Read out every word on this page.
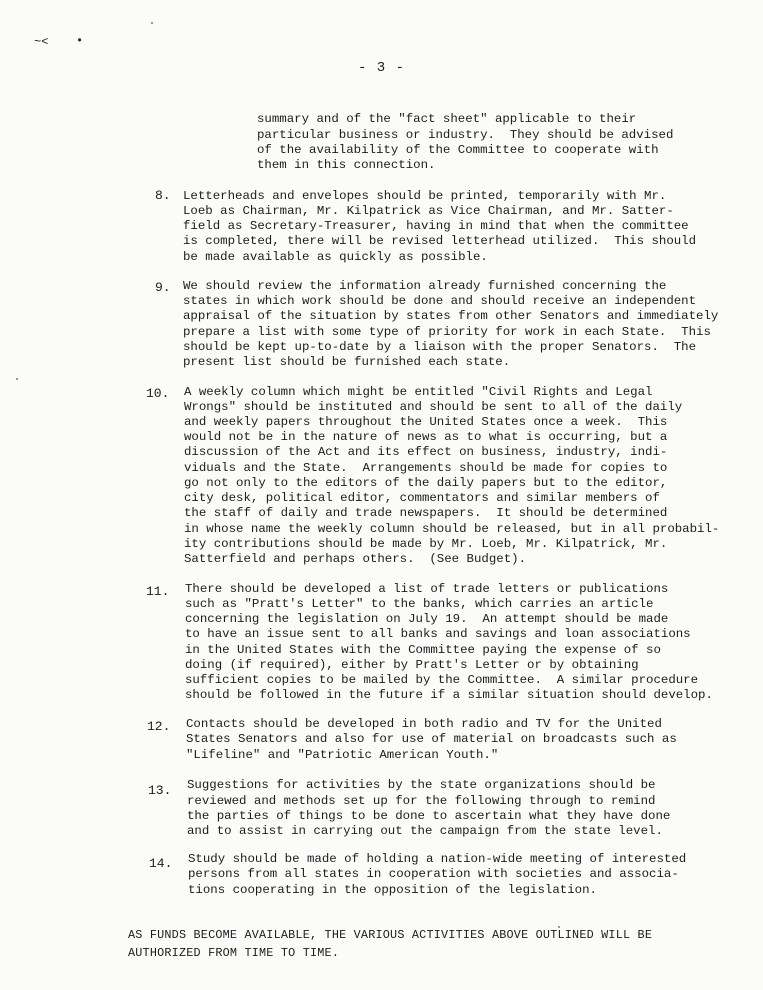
~< •
- 3 -
summary and of the "fact sheet" applicable to their
particular business or industry.  They should be advised
of the availability of the Committee to cooperate with
them in this connection.
8. Letterheads and envelopes should be printed, temporarily with Mr.
Loeb as Chairman, Mr. Kilpatrick as Vice Chairman, and Mr. Satter-
field as Secretary-Treasurer, having in mind that when the committee
is completed, there will be revised letterhead utilized.  This should
be made available as quickly as possible.
9. We should review the information already furnished concerning the
states in which work should be done and should receive an independent
appraisal of the situation by states from other Senators and immediately
prepare a list with some type of priority for work in each State.  This
should be kept up-to-date by a liaison with the proper Senators.  The
present list should be furnished each state.
10. A weekly column which might be entitled "Civil Rights and Legal
Wrongs" should be instituted and should be sent to all of the daily
and weekly papers throughout the United States once a week.  This
would not be in the nature of news as to what is occurring, but a
discussion of the Act and its effect on business, industry, indi-
viduals and the State.  Arrangements should be made for copies to
go not only to the editors of the daily papers but to the editor,
city desk, political editor, commentators and similar members of
the staff of daily and trade newspapers.  It should be determined
in whose name the weekly column should be released, but in all probabil-
ity contributions should be made by Mr. Loeb, Mr. Kilpatrick, Mr.
Satterfield and perhaps others.  (See Budget).
11. There should be developed a list of trade letters or publications
such as "Pratt's Letter" to the banks, which carries an article
concerning the legislation on July 19.  An attempt should be made
to have an issue sent to all banks and savings and loan associations
in the United States with the Committee paying the expense of so
doing (if required), either by Pratt's Letter or by obtaining
sufficient copies to be mailed by the Committee.  A similar procedure
should be followed in the future if a similar situation should develop.
12. Contacts should be developed in both radio and TV for the United
States Senators and also for use of material on broadcasts such as
"Lifeline" and "Patriotic American Youth."
13. Suggestions for activities by the state organizations should be
reviewed and methods set up for the following through to remind
the parties of things to be done to ascertain what they have done
and to assist in carrying out the campaign from the state level.
14. Study should be made of holding a nation-wide meeting of interested
persons from all states in cooperation with societies and associa-
tions cooperating in the opposition of the legislation.
AS FUNDS BECOME AVAILABLE, THE VARIOUS ACTIVITIES ABOVE OUTLINED WILL BE
AUTHORIZED FROM TIME TO TIME.
